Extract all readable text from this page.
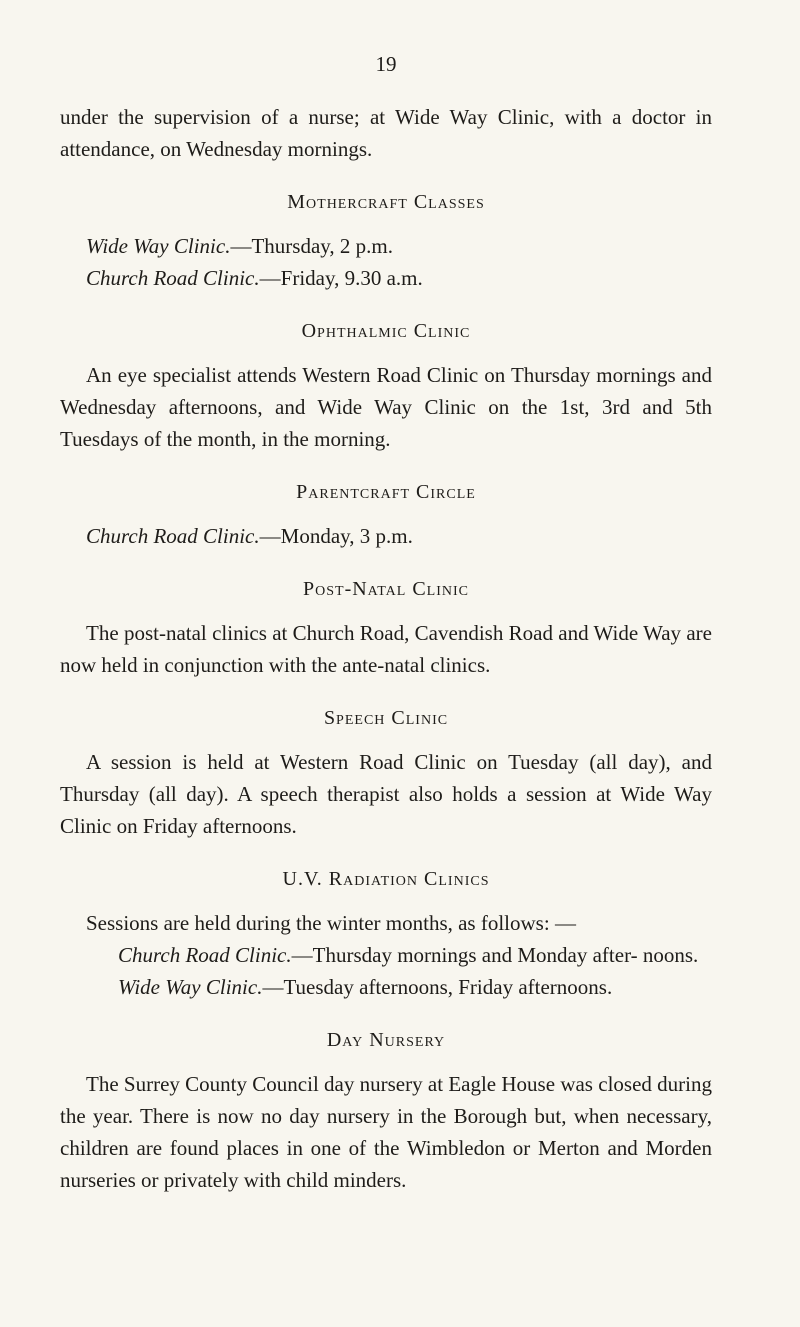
19

under the supervision of a nurse; at Wide Way Clinic, with a doctor in attendance, on Wednesday mornings.

Mothercraft Classes
Wide Way Clinic.—Thursday, 2 p.m.
Church Road Clinic.—Friday, 9.30 a.m.
Ophthalmic Clinic

An eye specialist attends Western Road Clinic on Thursday mornings and Wednesday afternoons, and Wide Way Clinic on the 1st, 3rd and 5th Tuesdays of the month, in the morning.

Parentcraft Circle
Church Road Clinic.—Monday, 3 p.m.
Post-Natal Clinic

The post-natal clinics at Church Road, Cavendish Road and Wide Way are now held in conjunction with the ante-natal clinics.

Speech Clinic

A session is held at Western Road Clinic on Tuesday (all day), and Thursday (all day). A speech therapist also holds a session at Wide Way Clinic on Friday afternoons.

U.V. Radiation Clinics

Sessions are held during the winter months, as follows: —

Church Road Clinic.—Thursday mornings and Monday after- noons.

Wide Way Clinic.—Tuesday afternoons, Friday afternoons.

Day Nursery

The Surrey County Council day nursery at Eagle House was closed during the year. There is now no day nursery in the Borough but, when necessary, children are found places in one of the Wimbledon or Merton and Morden nurseries or privately with child minders.
